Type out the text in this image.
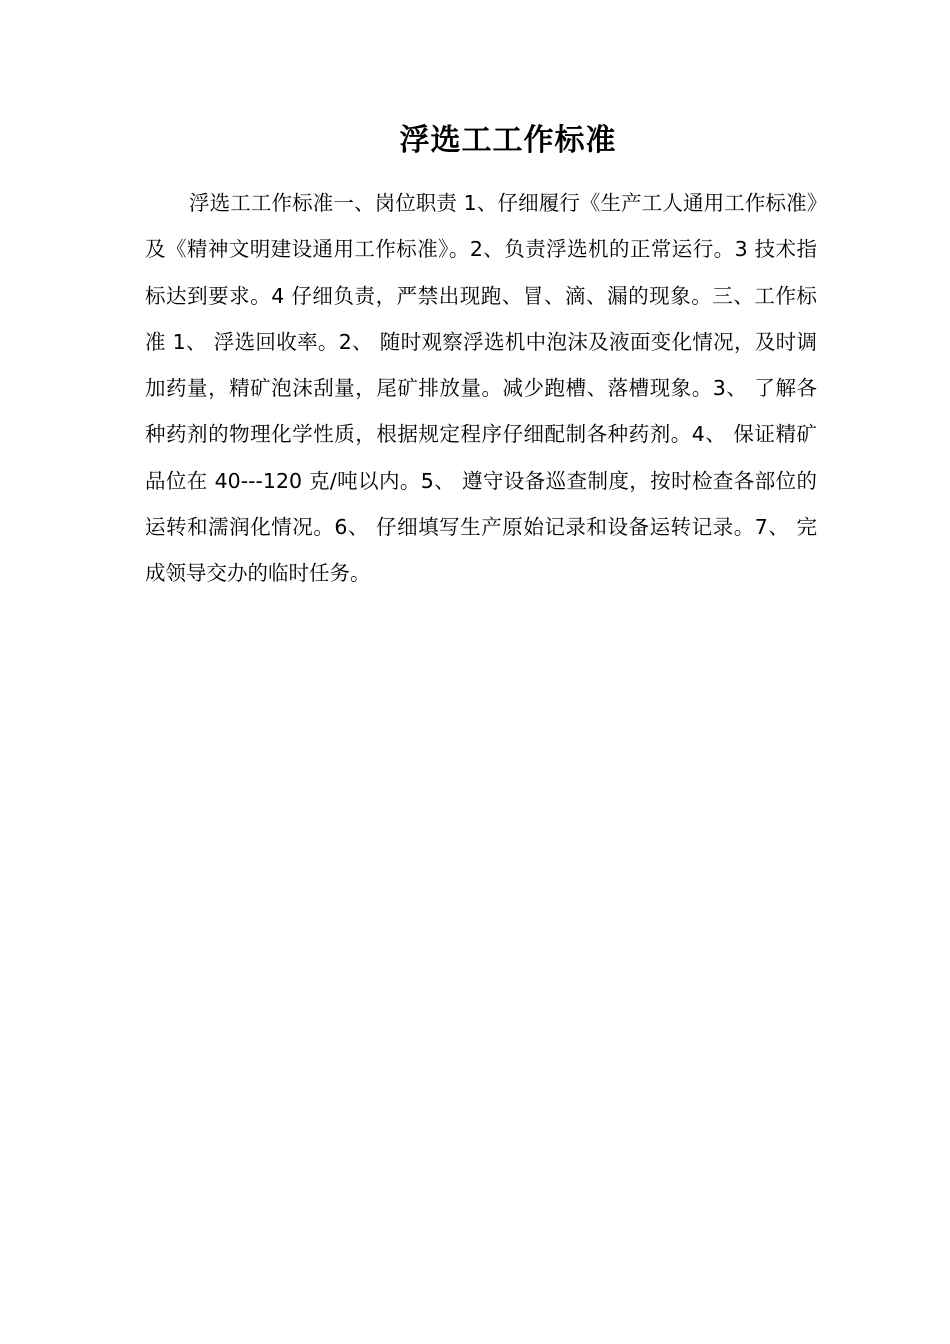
浮选工工作标准

浮选工工作标准一、岗位职责 1、仔细履行《生产工人通用工作标准》及《精神文明建设通用工作标准》。2、负责浮选机的正常运行。3 技术指标达到要求。4 仔细负责，严禁出现跑、冒、滴、漏的现象。三、工作标准 1、 浮选回收率。2、 随时观察浮选机中泡沫及液面变化情况，及时调加药量，精矿泡沫刮量，尾矿排放量。减少跑槽、落槽现象。3、 了解各种药剂的物理化学性质，根据规定程序仔细配制各种药剂。4、 保证精矿品位在 40---120 克/吨以内。5、 遵守设备巡查制度，按时检查各部位的运转和濡润化情况。6、 仔细填写生产原始记录和设备运转记录。7、 完成领导交办的临时任务。
